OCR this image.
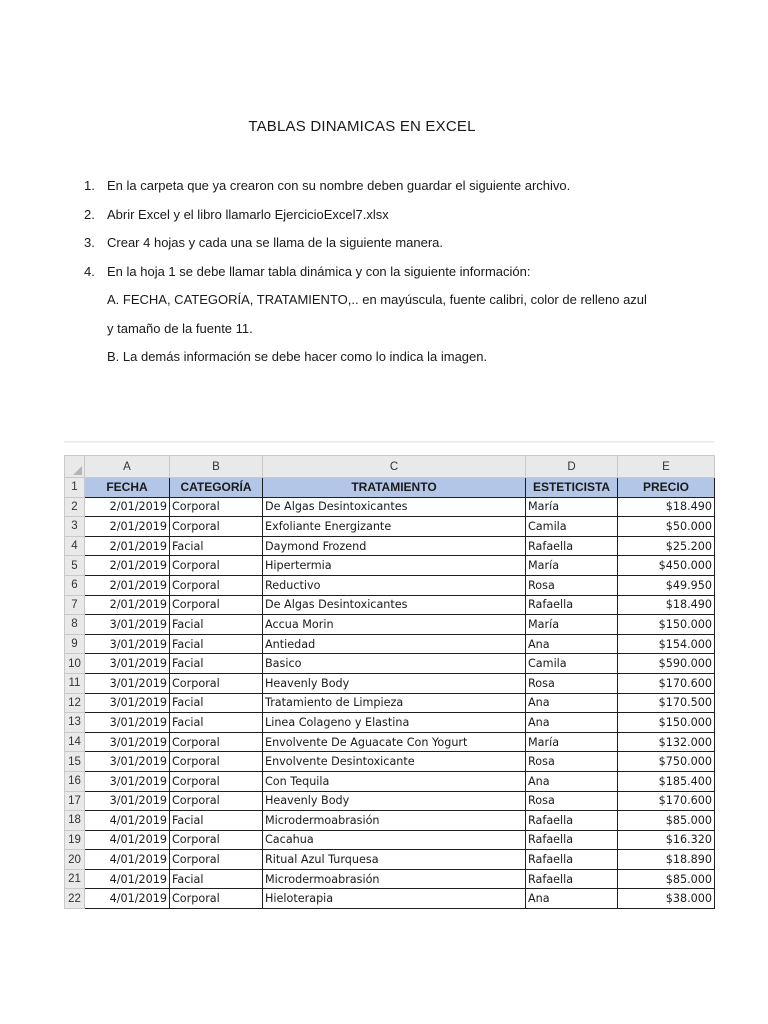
TABLAS DINAMICAS EN EXCEL
1. En la carpeta que ya crearon con su nombre deben guardar el siguiente archivo.
2. Abrir Excel y el libro llamarlo EjercicioExcel7.xlsx
3. Crear 4 hojas y cada una se llama de la siguiente manera.
4. En la hoja 1 se debe llamar tabla dinámica y con la siguiente información:
A. FECHA, CATEGORÍA, TRATAMIENTO,.. en mayúscula, fuente calibri, color de relleno azul
y tamaño de la fuente 11.
B. La demás información se debe hacer como lo indica la imagen.
	A	B	C	D	E
1	FECHA	CATEGORÍA	TRATAMIENTO	ESTETICISTA	PRECIO
2	2/01/2019	Corporal	De Algas Desintoxicantes	María	$18.490
3	2/01/2019	Corporal	Exfoliante Energizante	Camila	$50.000
4	2/01/2019	Facial	Daymond Frozend	Rafaella	$25.200
5	2/01/2019	Corporal	Hipertermia	María	$450.000
6	2/01/2019	Corporal	Reductivo	Rosa	$49.950
7	2/01/2019	Corporal	De Algas Desintoxicantes	Rafaella	$18.490
8	3/01/2019	Facial	Accua Morin	María	$150.000
9	3/01/2019	Facial	Antiedad	Ana	$154.000
10	3/01/2019	Facial	Basico	Camila	$590.000
11	3/01/2019	Corporal	Heavenly Body	Rosa	$170.600
12	3/01/2019	Facial	Tratamiento de Limpieza	Ana	$170.500
13	3/01/2019	Facial	Linea Colageno y Elastina	Ana	$150.000
14	3/01/2019	Corporal	Envolvente De Aguacate Con Yogurt	María	$132.000
15	3/01/2019	Corporal	Envolvente Desintoxicante	Rosa	$750.000
16	3/01/2019	Corporal	Con Tequila	Ana	$185.400
17	3/01/2019	Corporal	Heavenly Body	Rosa	$170.600
18	4/01/2019	Facial	Microdermoabrasión	Rafaella	$85.000
19	4/01/2019	Corporal	Cacahua	Rafaella	$16.320
20	4/01/2019	Corporal	Ritual Azul Turquesa	Rafaella	$18.890
21	4/01/2019	Facial	Microdermoabrasión	Rafaella	$85.000
22	4/01/2019	Corporal	Hieloterapia	Ana	$38.000
